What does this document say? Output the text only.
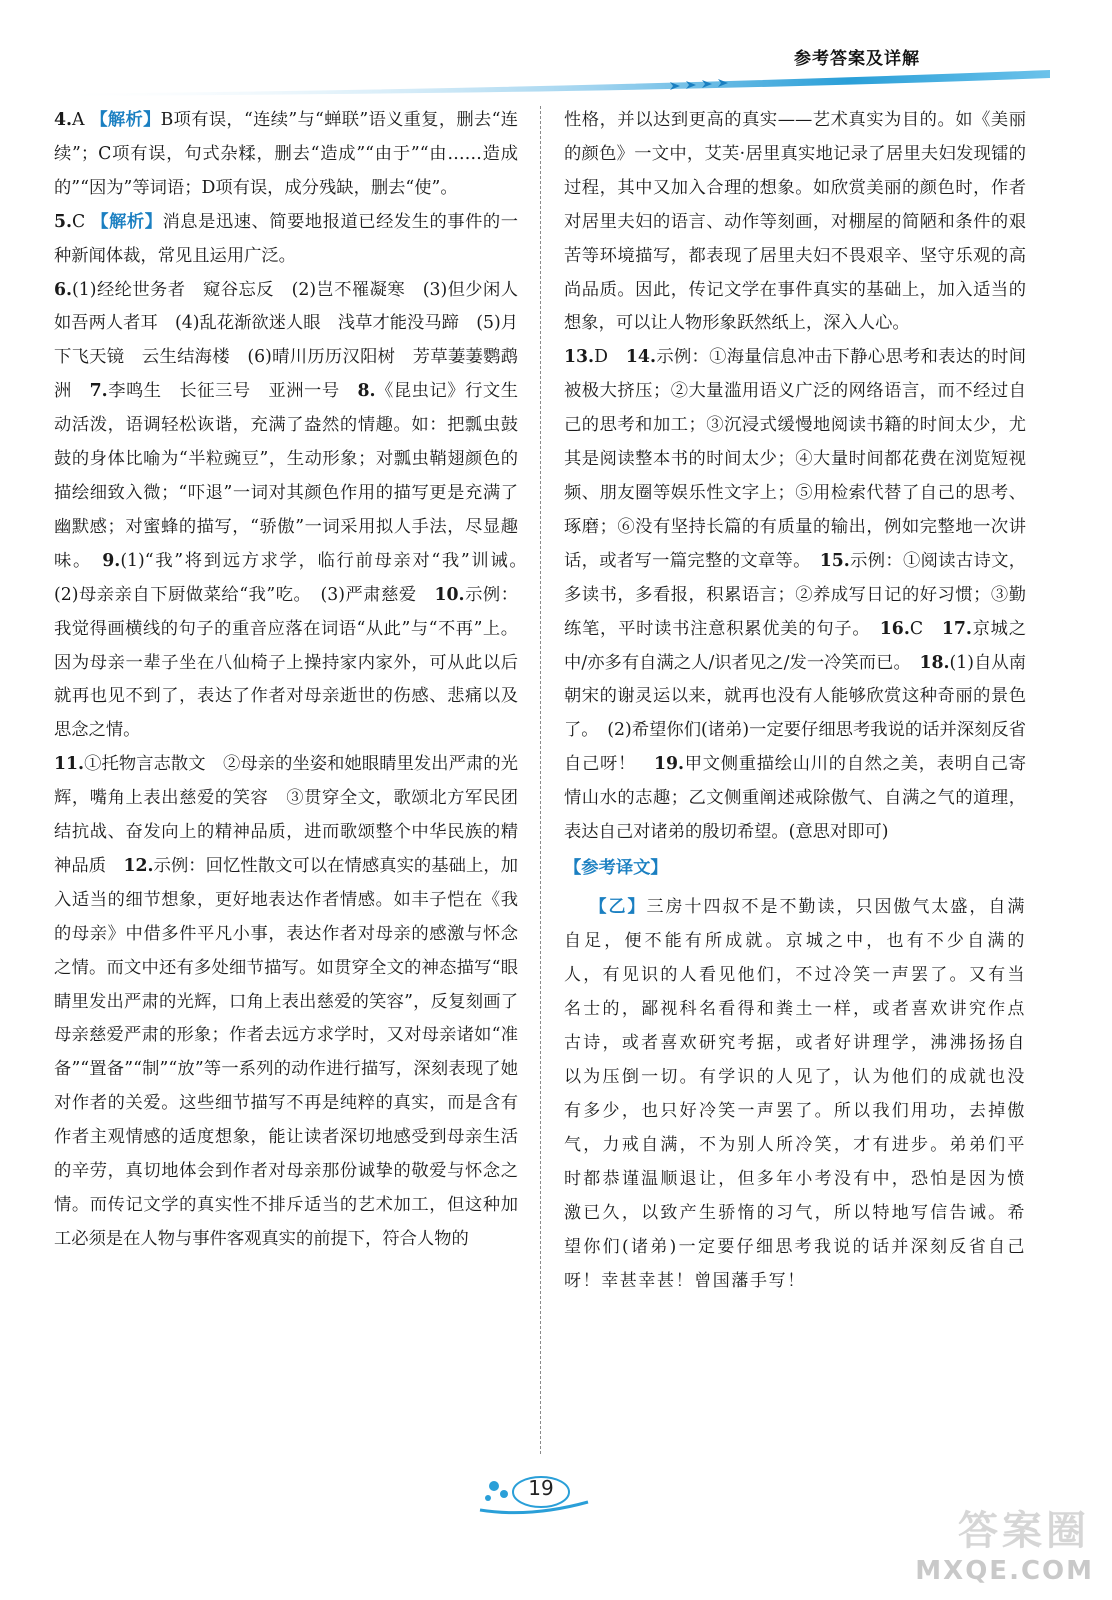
参考答案及详解

4.A 【解析】B项有误，“连续”与“蝉联”语义重复，删去“连续”；C项有误，句式杂糅，删去“造成”“由于”“由……造成的”“因为”等词语；D项有误，成分残缺，删去“使”。

5.C 【解析】消息是迅速、简要地报道已经发生的事件的一种新闻体裁，常见且运用广泛。

6.(1)经纶世务者　窥谷忘反　(2)岂不罹凝寒　(3)但少闲人如吾两人者耳　(4)乱花渐欲迷人眼　浅草才能没马蹄　(5)月下飞天镜　云生结海楼　(6)晴川历历汉阳树　芳草萋萋鹦鹉洲　7.李鸣生　长征三号　亚洲一号　8.《昆虫记》行文生动活泼，语调轻松诙谐，充满了盎然的情趣。如：把瓢虫鼓鼓的身体比喻为“半粒豌豆”，生动形象；对瓢虫鞘翅颜色的描绘细致入微；“吓退”一词对其颜色作用的描写更是充满了幽默感；对蜜蜂的描写，“骄傲”一词采用拟人手法，尽显趣味。　9.(1)“我”将到远方求学，临行前母亲对“我”训诫。　(2)母亲亲自下厨做菜给“我”吃。　(3)严肃慈爱　10.示例：我觉得画横线的句子的重音应落在词语“从此”与“不再”上。因为母亲一辈子坐在八仙椅子上操持家内家外，可从此以后就再也见不到了，表达了作者对母亲逝世的伤感、悲痛以及思念之情。

11.①托物言志散文　②母亲的坐姿和她眼睛里发出严肃的光辉，嘴角上表出慈爱的笑容　③贯穿全文，歌颂北方军民团结抗战、奋发向上的精神品质，进而歌颂整个中华民族的精神品质　12.示例：回忆性散文可以在情感真实的基础上，加入适当的细节想象，更好地表达作者情感。如丰子恺在《我的母亲》中借多件平凡小事，表达作者对母亲的感激与怀念之情。而文中还有多处细节描写。如贯穿全文的神态描写“眼睛里发出严肃的光辉，口角上表出慈爱的笑容”，反复刻画了母亲慈爱严肃的形象；作者去远方求学时，又对母亲诸如“准备”“置备”“制”“放”等一系列的动作进行描写，深刻表现了她对作者的关爱。这些细节描写不再是纯粹的真实，而是含有作者主观情感的适度想象，能让读者深切地感受到母亲生活的辛劳，真切地体会到作者对母亲那份诚挚的敬爱与怀念之情。而传记文学的真实性不排斥适当的艺术加工，但这种加工必须是在人物与事件客观真实的前提下，符合人物的

性格，并以达到更高的真实——艺术真实为目的。如《美丽的颜色》一文中，艾芙·居里真实地记录了居里夫妇发现镭的过程，其中又加入合理的想象。如欣赏美丽的颜色时，作者对居里夫妇的语言、动作等刻画，对棚屋的简陋和条件的艰苦等环境描写，都表现了居里夫妇不畏艰辛、坚守乐观的高尚品质。因此，传记文学在事件真实的基础上，加入适当的想象，可以让人物形象跃然纸上，深入人心。

13.D　14.示例：①海量信息冲击下静心思考和表达的时间被极大挤压；②大量滥用语义广泛的网络语言，而不经过自己的思考和加工；③沉浸式缓慢地阅读书籍的时间太少，尤其是阅读整本书的时间太少；④大量时间都花费在浏览短视频、朋友圈等娱乐性文字上；⑤用检索代替了自己的思考、琢磨；⑥没有坚持长篇的有质量的输出，例如完整地一次讲话，或者写一篇完整的文章等。　15.示例：①阅读古诗文，多读书，多看报，积累语言；②养成写日记的好习惯；③勤练笔，平时读书注意积累优美的句子。　16.C　17.京城之中/亦多有自满之人/识者见之/发一冷笑而已。　18.(1)自从南朝宋的谢灵运以来，就再也没有人能够欣赏这种奇丽的景色了。　(2)希望你们(诸弟)一定要仔细思考我说的话并深刻反省自己呀！　19.甲文侧重描绘山川的自然之美，表明自己寄情山水的志趣；乙文侧重阐述戒除傲气、自满之气的道理，表达自己对诸弟的殷切希望。(意思对即可)

【参考译文】

【乙】三房十四叔不是不勤读，只因傲气太盛，自满自足，便不能有所成就。京城之中，也有不少自满的人，有见识的人看见他们，不过冷笑一声罢了。又有当名士的，鄙视科名看得和粪土一样，或者喜欢讲究作点古诗，或者喜欢研究考据，或者好讲理学，沸沸扬扬自以为压倒一切。有学识的人见了，认为他们的成就也没有多少，也只好冷笑一声罢了。所以我们用功，去掉傲气，力戒自满，不为别人所冷笑，才有进步。弟弟们平时都恭谨温顺退让，但多年小考没有中，恐怕是因为愤激已久，以致产生骄惰的习气，所以特地写信告诫。希望你们(诸弟)一定要仔细思考我说的话并深刻反省自己呀！幸甚幸甚！曾国藩手写！

19
答案圈
MXQE.COM
